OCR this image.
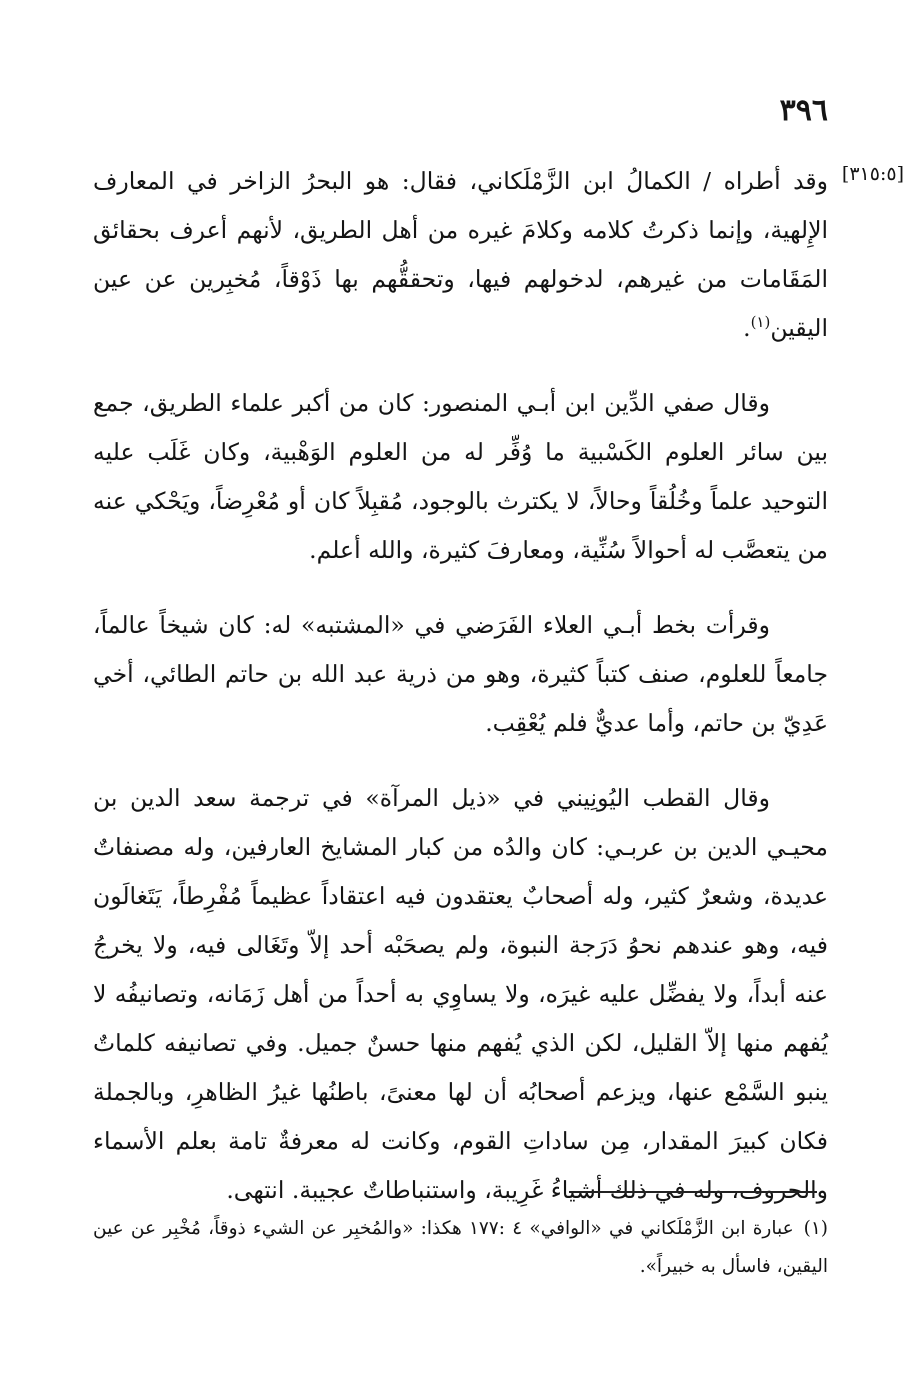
٣٩٦

[٣١٥:٥]

وقد أطراه / الكمالُ ابن الزَّمْلَكاني، فقال: هو البحرُ الزاخر في المعارف الإِلهية، وإنما ذكرتُ كلامه وكلامَ غيره من أهل الطريق، لأنهم أعرف بحقائق المَقَامات من غيرهم، لدخولهم فيها، وتحققُّهم بها ذَوْقاً، مُخبِرين عن عين اليقين$^{(١)}$.

وقال صفي الدِّين ابن أبـي المنصور: كان من أكبر علماء الطريق، جمع بين سائر العلوم الكَسْبية ما وُفِّر له من العلوم الوَهْبية، وكان غَلَب عليه التوحيد علماً وخُلُقاً وحالاً، لا يكترث بالوجود، مُقبِلاً كان أو مُعْرِضاً، ويَحْكي عنه من يتعصَّب له أحوالاً سُنِّية، ومعارفَ كثيرة، والله أعلم.

وقرأت بخط أبـي العلاء الفَرَضي في «المشتبه» له: كان شيخاً عالماً، جامعاً للعلوم، صنف كتباً كثيرة، وهو من ذرية عبد الله بن حاتم الطائي، أخي عَدِيّ بن حاتم، وأما عديٌّ فلم يُعْقِب.

وقال القطب اليُونِيني في «ذيل المرآة» في ترجمة سعد الدين بن محيـي الدين بن عربـي: كان والدُه من كبار المشايخ العارفين، وله مصنفاتٌ عديدة، وشعرٌ كثير، وله أصحابٌ يعتقدون فيه اعتقاداً عظيماً مُفْرِطاً، يَتَغالَون فيه، وهو عندهم نحوُ دَرَجة النبوة، ولم يصحَبْه أحد إلاّ وتَغَالى فيه، ولا يخرجُ عنه أبداً، ولا يفضِّل عليه غيرَه، ولا يساوِي به أحداً من أهل زَمَانه، وتصانيفُه لا يُفهم منها إلاّ القليل، لكن الذي يُفهم منها حسنٌ جميل. وفي تصانيفه كلماتٌ ينبو السَّمْع عنها، ويزعم أصحابُه أن لها معنىً، باطنُها غيرُ الظاهرِ، وبالجملة فكان كبيرَ المقدار، مِن ساداتِ القوم، وكانت له معرفةٌ تامة بعلم الأسماء والحروف، وله في ذلك أشياءُ غَرِيبة، واستنباطاتٌ عجيبة. انتهى.

(١)عبارة ابن الزَّمْلَكاني في «الوافي» ٤ :١٧٧ هكذا: «والمُخبِر عن الشيء ذوقاً، مُخْبِر عن عين اليقين، فاسأل به خبيراً».
